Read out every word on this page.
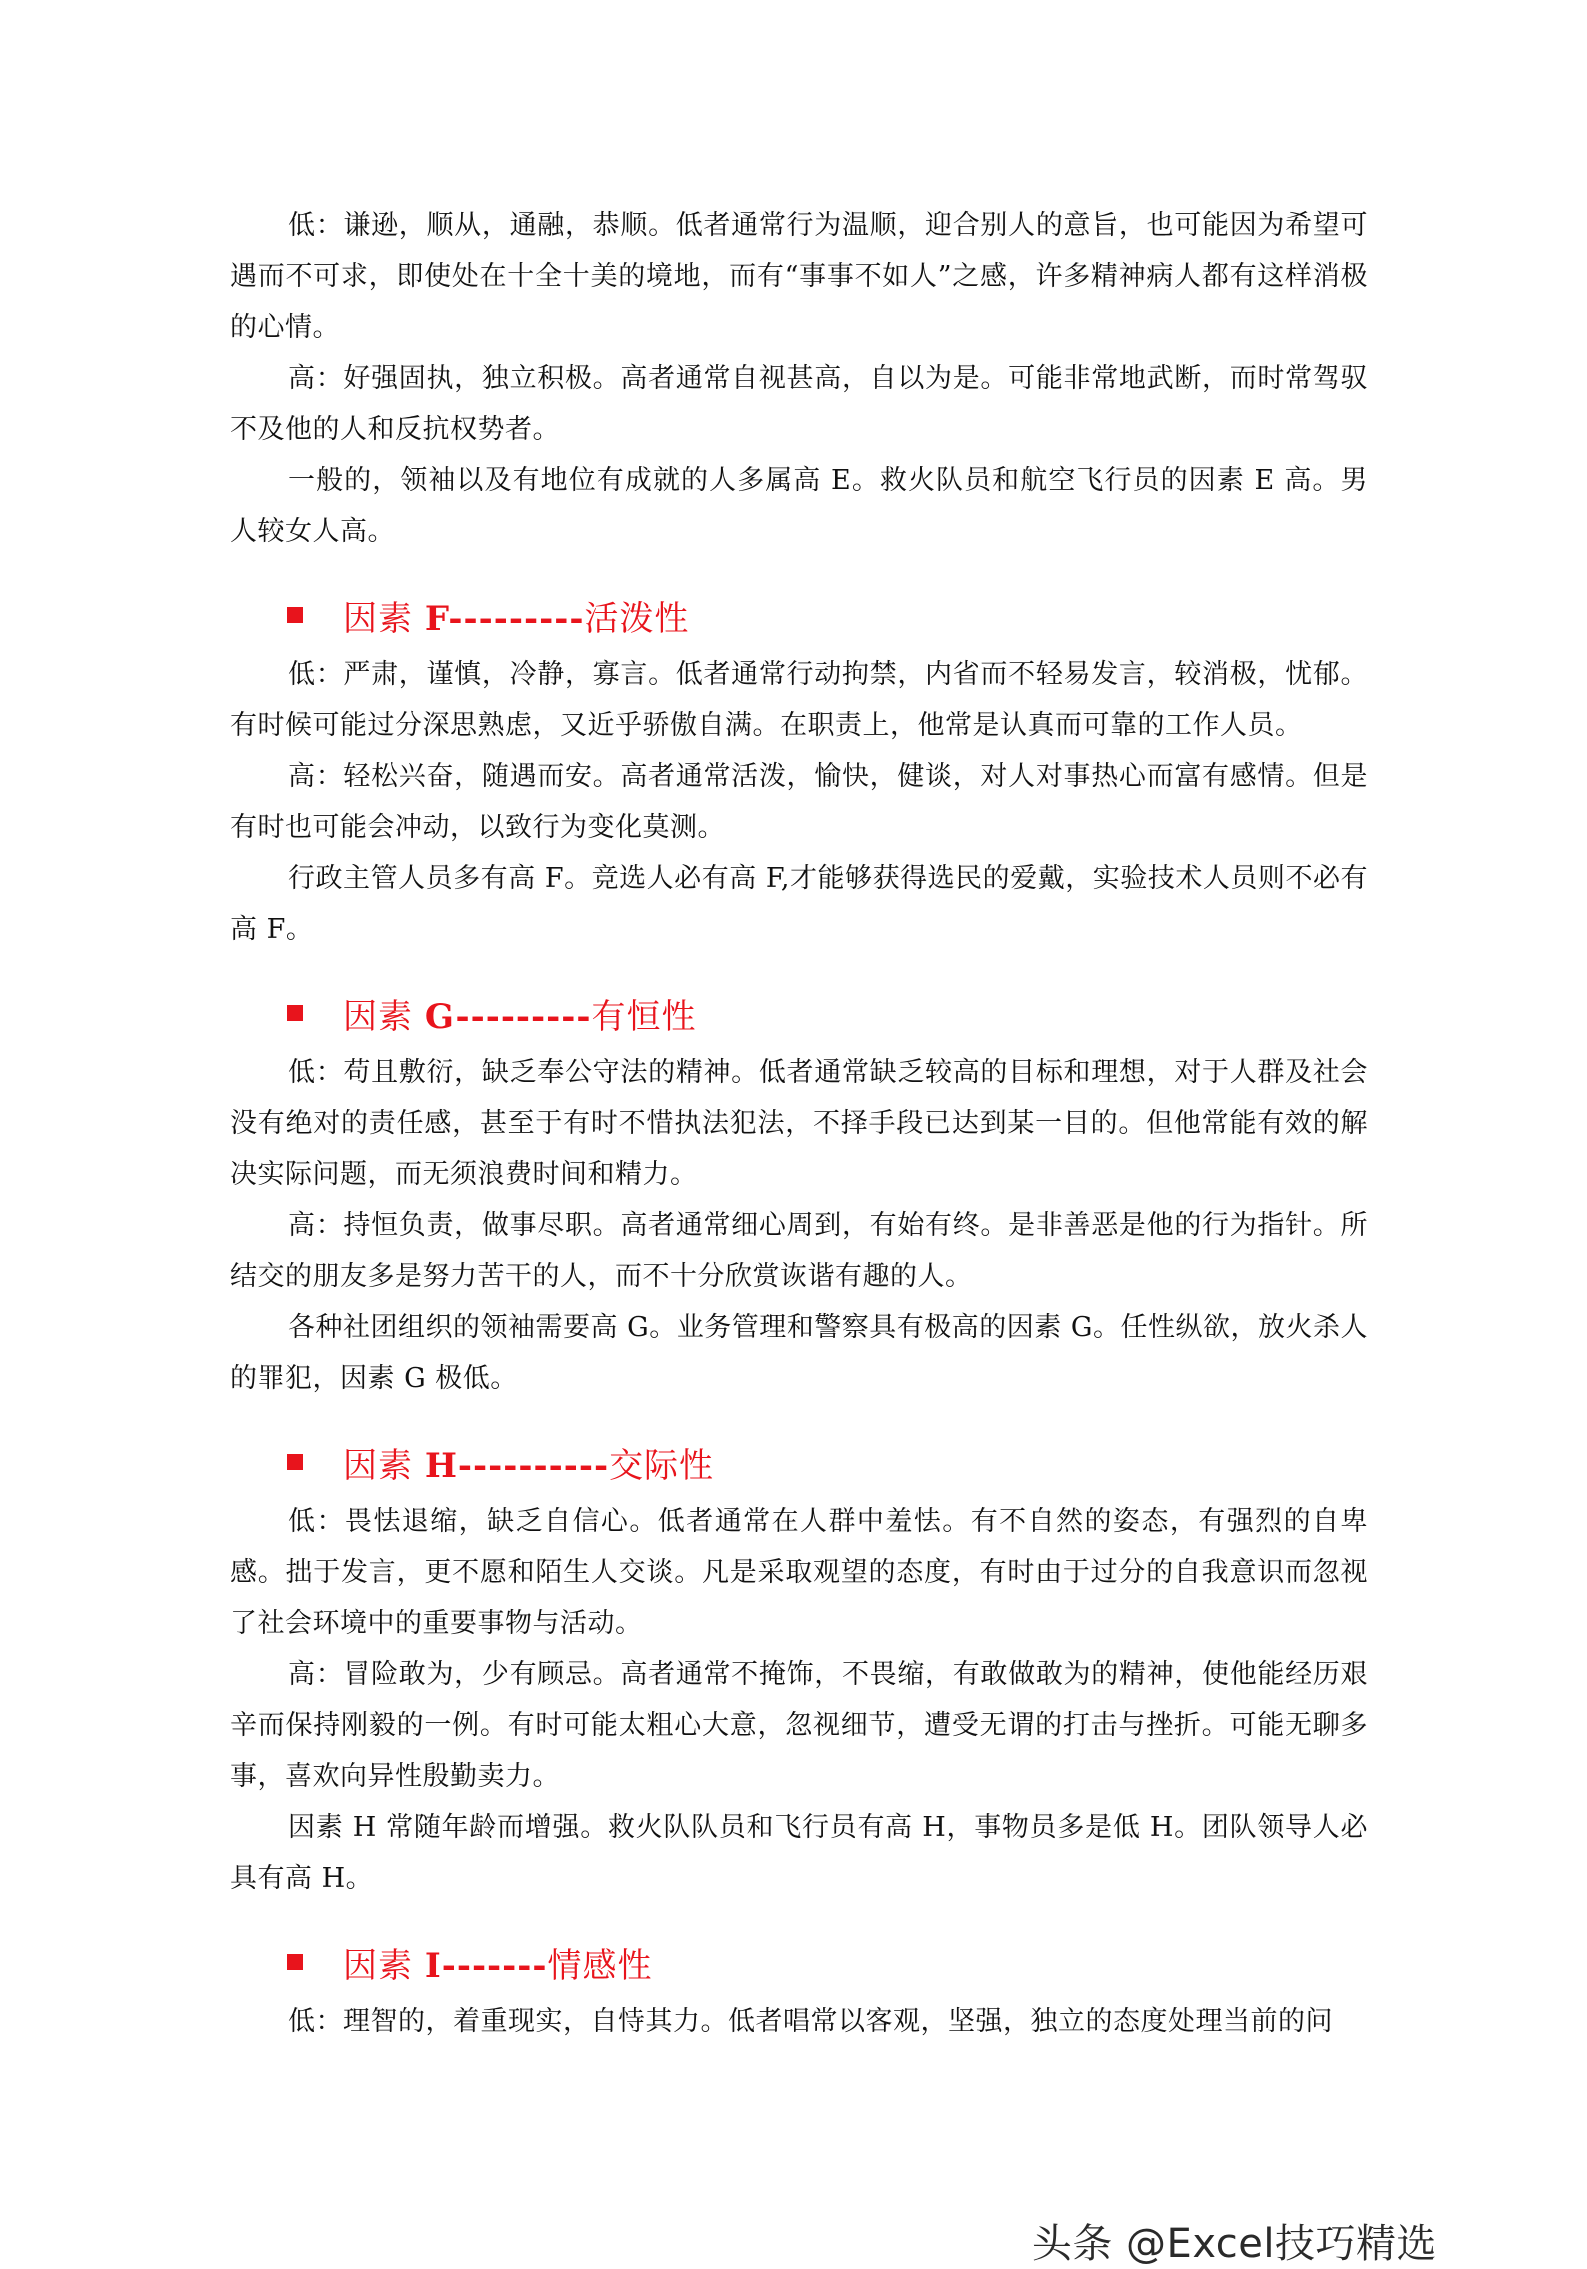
低：谦逊，顺从，通融，恭顺。低者通常行为温顺，迎合别人的意旨，也可能因为希望可遇而不可求，即使处在十全十美的境地，而有“事事不如人”之感，许多精神病人都有这样消极的心情。

高：好强固执，独立积极。高者通常自视甚高，自以为是。可能非常地武断，而时常驾驭不及他的人和反抗权势者。

一般的，领袖以及有地位有成就的人多属高 E。救火队员和航空飞行员的因素 E 高。男人较女人高。

因素 F---------活泼性

低：严肃，谨慎，冷静，寡言。低者通常行动拘禁，内省而不轻易发言，较消极，忧郁。有时候可能过分深思熟虑，又近乎骄傲自满。在职责上，他常是认真而可靠的工作人员。

高：轻松兴奋，随遇而安。高者通常活泼，愉快，健谈，对人对事热心而富有感情。但是有时也可能会冲动，以致行为变化莫测。

行政主管人员多有高 F。竞选人必有高 F,才能够获得选民的爱戴，实验技术人员则不必有高 F。

因素 G---------有恒性

低：苟且敷衍，缺乏奉公守法的精神。低者通常缺乏较高的目标和理想，对于人群及社会没有绝对的责任感，甚至于有时不惜执法犯法，不择手段已达到某一目的。但他常能有效的解决实际问题，而无须浪费时间和精力。

高：持恒负责，做事尽职。高者通常细心周到，有始有终。是非善恶是他的行为指针。所结交的朋友多是努力苦干的人，而不十分欣赏诙谐有趣的人。

各种社团组织的领袖需要高 G。业务管理和警察具有极高的因素 G。任性纵欲，放火杀人的罪犯，因素 G 极低。

因素 H----------交际性

低：畏怯退缩，缺乏自信心。低者通常在人群中羞怯。有不自然的姿态，有强烈的自卑感。拙于发言，更不愿和陌生人交谈。凡是采取观望的态度，有时由于过分的自我意识而忽视了社会环境中的重要事物与活动。

高：冒险敢为，少有顾忌。高者通常不掩饰，不畏缩，有敢做敢为的精神，使他能经历艰辛而保持刚毅的一例。有时可能太粗心大意，忽视细节，遭受无谓的打击与挫折。可能无聊多事，喜欢向异性殷勤卖力。

因素 H 常随年龄而增强。救火队队员和飞行员有高 H，事物员多是低 H。团队领导人必具有高 H。

因素 I-------情感性

低：理智的，着重现实，自恃其力。低者唱常以客观，坚强，独立的态度处理当前的问

头条 @Excel技巧精选
